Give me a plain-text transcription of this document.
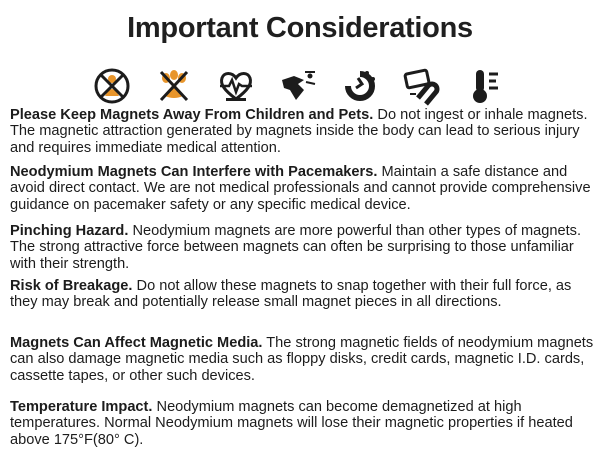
Important Considerations

Please Keep Magnets Away From Children and Pets. Do not ingest or inhale magnets. The magnetic attraction generated by magnets inside the body can lead to serious injury and requires immediate medical attention.

Neodymium Magnets Can Interfere with Pacemakers. Maintain a safe distance and avoid direct contact. We are not medical professionals and cannot provide comprehensive guidance on pacemaker safety or any specific medical device.

Pinching Hazard. Neodymium magnets are more powerful than other types of magnets. The strong attractive force between magnets can often be surprising to those unfamiliar with their strength.

Risk of Breakage. Do not allow these magnets to snap together with their full force, as they may break and potentially release small magnet pieces in all directions.

Magnets Can Affect Magnetic Media. The strong magnetic fields of neodymium magnets can also damage magnetic media such as floppy disks, credit cards, magnetic I.D. cards, cassette tapes, or other such devices.

Temperature Impact. Neodymium magnets can become demagnetized at high temperatures. Normal Neodymium magnets will lose their magnetic properties if heated above 175°F(80° C).
